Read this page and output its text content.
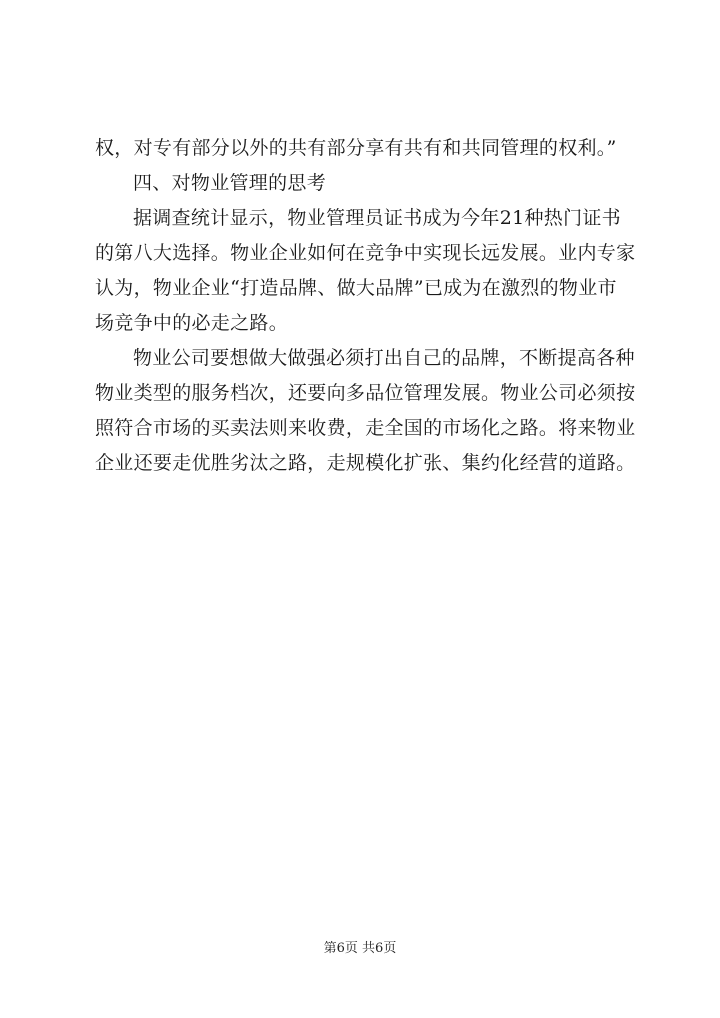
权，对专有部分以外的共有部分享有共有和共同管理的权利。”
四、对物业管理的思考
据调查统计显示，物业管理员证书成为今年21种热门证书
的第八大选择。物业企业如何在竞争中实现长远发展。业内专家
认为，物业企业“打造品牌、做大品牌”已成为在激烈的物业市
场竞争中的必走之路。
物业公司要想做大做强必须打出自己的品牌，不断提高各种
物业类型的服务档次，还要向多品位管理发展。物业公司必须按
照符合市场的买卖法则来收费，走全国的市场化之路。将来物业
企业还要走优胜劣汰之路，走规模化扩张、集约化经营的道路。
第6页 共6页
